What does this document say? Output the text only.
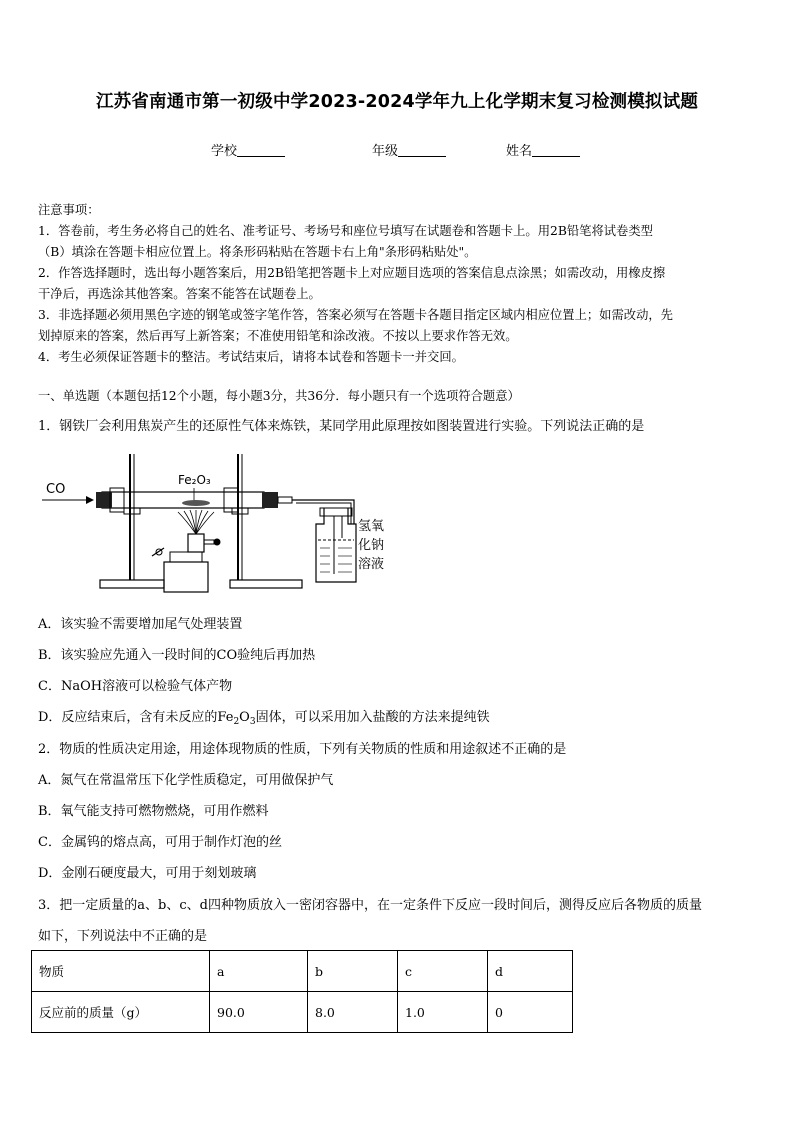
江苏省南通市第一初级中学2023-2024学年九上化学期末复习检测模拟试题
学校	年级	姓名
注意事项：
1．答卷前，考生务必将自己的姓名、准考证号、考场号和座位号填写在试题卷和答题卡上。用2B铅笔将试卷类型
（B）填涂在答题卡相应位置上。将条形码粘贴在答题卡右上角"条形码粘贴处"。
2．作答选择题时，选出每小题答案后，用2B铅笔把答题卡上对应题目选项的答案信息点涂黑；如需改动，用橡皮擦
干净后，再选涂其他答案。答案不能答在试题卷上。
3．非选择题必须用黑色字迹的钢笔或签字笔作答，答案必须写在答题卡各题目指定区域内相应位置上；如需改动，先
划掉原来的答案，然后再写上新答案；不准使用铅笔和涂改液。不按以上要求作答无效。
4．考生必须保证答题卡的整洁。考试结束后，请将本试卷和答题卡一并交回。
一、单选题（本题包括12个小题，每小题3分，共36分．每小题只有一个选项符合题意）
1．钢铁厂会利用焦炭产生的还原性气体来炼铁，某同学用此原理按如图装置进行实验。下列说法正确的是
CO
Fe₂O₃
氢氧
化钠
溶液
A．该实验不需要增加尾气处理装置
B．该实验应先通入一段时间的CO验纯后再加热
C．NaOH溶液可以检验气体产物
D．反应结束后，含有未反应的$Fe_2O_3$固体，可以采用加入盐酸的方法来提纯铁
2．物质的性质决定用途，用途体现物质的性质，下列有关物质的性质和用途叙述不正确的是
A．氮气在常温常压下化学性质稳定，可用做保护气
B．氧气能支持可燃物燃烧，可用作燃料
C．金属钨的熔点高，可用于制作灯泡的丝
D．金刚石硬度最大，可用于刻划玻璃
3．把一定质量的a、b、c、d四种物质放入一密闭容器中，在一定条件下反应一段时间后，测得反应后各物质的质量
如下，下列说法中不正确的是
物质	a	b	c	d
反应前的质量（g）	90.0	8.0	1.0	0
